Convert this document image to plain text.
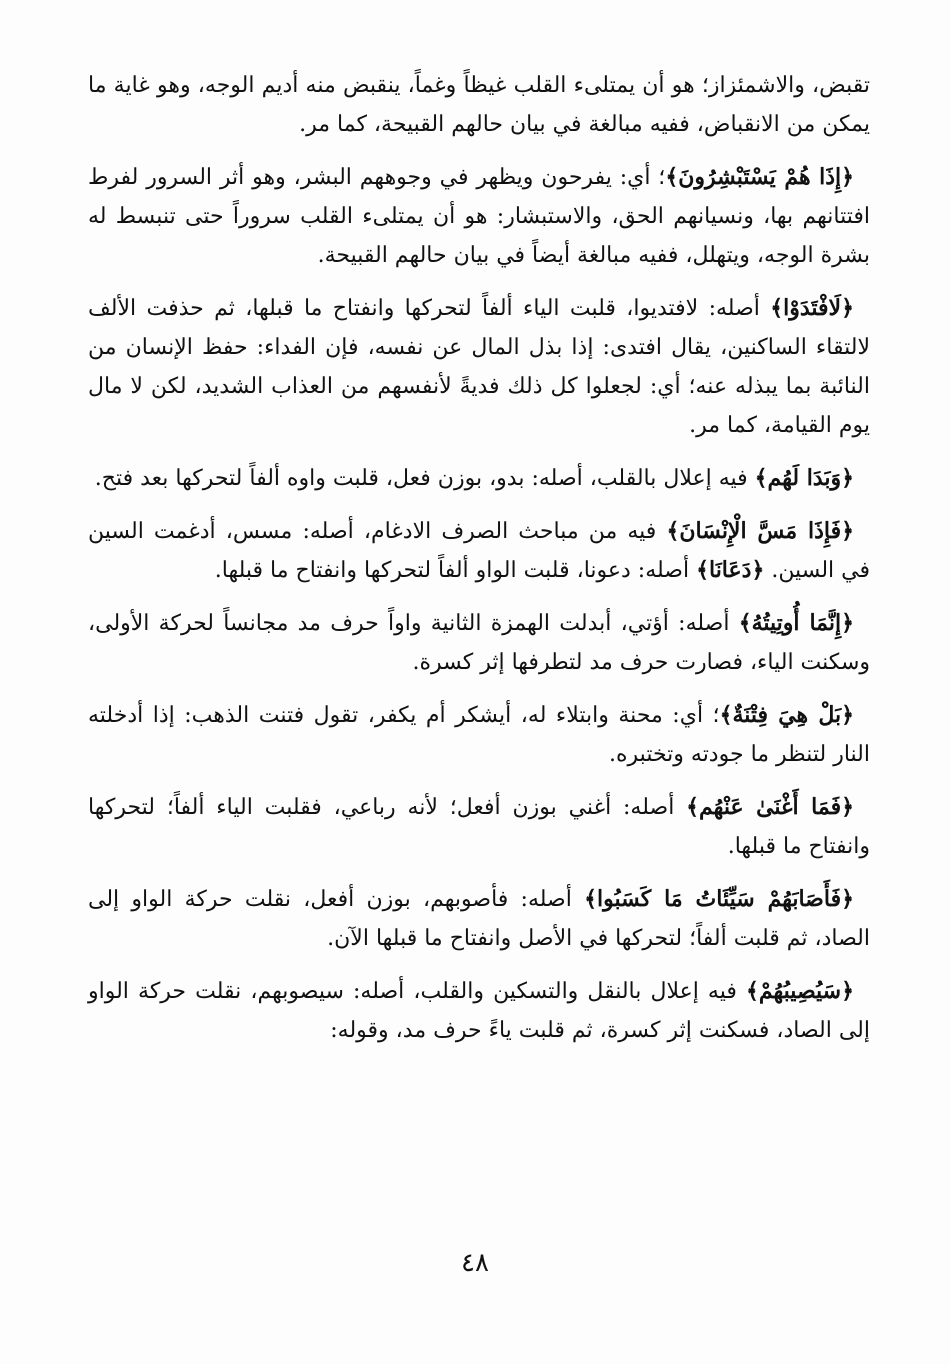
تقبض، والاشمئزاز؛ هو أن يمتلىء القلب غيظاً وغماً، ينقبض منه أديم الوجه، وهو غاية ما يمكن من الانقباض، ففيه مبالغة في بيان حالهم القبيحة، كما مر.

﴿إِذَا هُمْ يَسْتَبْشِرُونَ﴾؛ أي: يفرحون ويظهر في وجوههم البشر، وهو أثر السرور لفرط افتتانهم بها، ونسيانهم الحق، والاستبشار: هو أن يمتلىء القلب سروراً حتى تنبسط له بشرة الوجه، ويتهلل، ففيه مبالغة أيضاً في بيان حالهم القبيحة.

﴿لَافْتَدَوْا﴾ أصله: لافتديوا، قلبت الياء ألفاً لتحركها وانفتاح ما قبلها، ثم حذفت الألف لالتقاء الساكنين، يقال افتدى: إذا بذل المال عن نفسه، فإن الفداء: حفظ الإنسان من النائبة بما يبذله عنه؛ أي: لجعلوا كل ذلك فديةً لأنفسهم من العذاب الشديد، لكن لا مال يوم القيامة، كما مر.

﴿وَبَدَا لَهُم﴾ فيه إعلال بالقلب، أصله: بدو، بوزن فعل، قلبت واوه ألفاً لتحركها بعد فتح.

﴿فَإِذَا مَسَّ الْإِنْسَانَ﴾ فيه من مباحث الصرف الادغام، أصله: مسس، أدغمت السين في السين. ﴿دَعَانَا﴾ أصله: دعونا، قلبت الواو ألفاً لتحركها وانفتاح ما قبلها.

﴿إِنَّمَا أُوتِيتُهُ﴾ أصله: أؤتي، أبدلت الهمزة الثانية واواً حرف مد مجانساً لحركة الأولى، وسكنت الياء، فصارت حرف مد لتطرفها إثر كسرة.

﴿بَلْ هِيَ فِتْنَةٌ﴾؛ أي: محنة وابتلاء له، أيشكر أم يكفر، تقول فتنت الذهب: إذا أدخلته النار لتنظر ما جودته وتختبره.

﴿فَمَا أَغْنَىٰ عَنْهُم﴾ أصله: أغني بوزن أفعل؛ لأنه رباعي، فقلبت الياء ألفاً؛ لتحركها وانفتاح ما قبلها.

﴿فَأَصَابَهُمْ سَيِّئَاتُ مَا كَسَبُوا﴾ أصله: فأصوبهم، بوزن أفعل، نقلت حركة الواو إلى الصاد، ثم قلبت ألفاً؛ لتحركها في الأصل وانفتاح ما قبلها الآن.

﴿سَيُصِيبُهُمْ﴾ فيه إعلال بالنقل والتسكين والقلب، أصله: سيصوبهم، نقلت حركة الواو إلى الصاد، فسكنت إثر كسرة، ثم قلبت ياءً حرف مد، وقوله:

٤٨
